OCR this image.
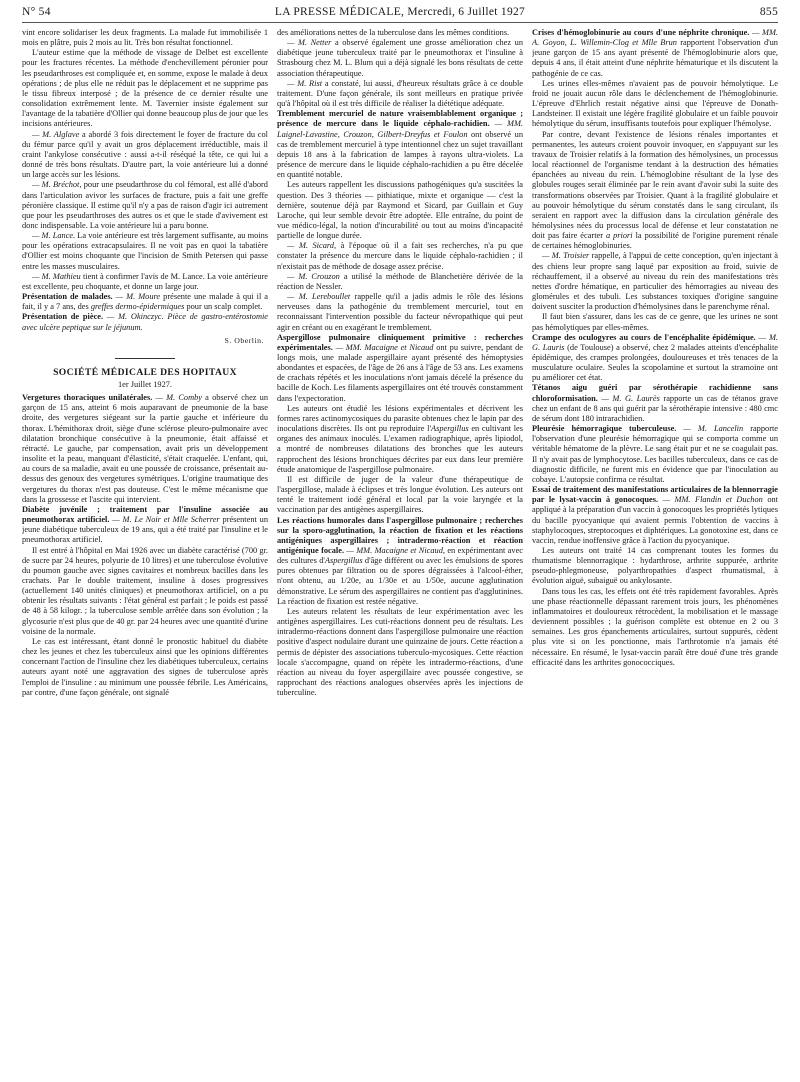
N° 54	LA PRESSE MÉDICALE, Mercredi, 6 Juillet 1927	855

vint encore solidariser les deux fragments. La malade fut immobilisée 1 mois en plâtre, puis 2 mois au lit. Très bon résultat fonctionnel.

L'auteur estime que la méthode de vissage de Delbet est excellente pour les fractures récentes. La méthode d'enchevillement péronier pour les pseudarthroses est compliquée et, en somme, expose le malade à deux opérations ; de plus elle ne réduit pas le déplacement et ne supprime pas le tissu fibreux interposé ; de la présence de ce dernier résulte une consolidation extrêmement lente. M. Tavernier insiste également sur l'avantage de la tabatière d'Ollier qui donne beaucoup plus de jour que les incisions antérieures.

— M. Alglave a abordé 3 fois directement le foyer de fracture du col du fémur parce qu'il y avait un gros déplacement irréductible, mais il craint l'ankylose consécutive : aussi a-t-il réséqué la tête, ce qui lui a donné de très bons résultats. D'autre part, la voie antérieure lui a donné un large accès sur les lésions.

— M. Bréchot, pour une pseudarthrose du col fémoral, est allé d'abord dans l'articulation avivor les surfaces de fracture, puis a fait une greffe péronière classique. Il estime qu'il n'y a pas de raison d'agir ici autrement que pour les pseudarthroses des autres os et que le stade d'avivement est donc indispensable. La voie antérieure lui a paru bonne.

— M. Lance. La voie antérieure est très largement suffisante, au moins pour les opérations extracapsulaires. Il ne voit pas en quoi la tabatière d'Ollier est moins choquante que l'incision de Smith Petersen qui passe entre les masses musculaires.

— M. Mathieu tient à confirmer l'avis de M. Lance. La voie antérieure est excellente, peu choquante, et donne un large jour.

Présentation de malades. — M. Moure présente une malade à qui il a fait, il y a 7 ans, des greffes dermo-épidermiques pour un scalp complet.

Présentation de pièce. — M. Okinczyc. Pièce de gastro-entérostomie avec ulcère peptique sur le jéjunum.

S. Oberlin.

SOCIÉTÉ MÉDICALE DES HOPITAUX
1er Juillet 1927.

Vergetures thoraciques unilatérales. — M. Comby a observé chez un garçon de 15 ans, atteint 6 mois auparavant de pneumonie de la base droite, des vergetures siégeant sur la partie gauche et inférieure du thorax. L'hémithorax droit, siège d'une sclérose pleuro-pulmonaire avec dilatation bronchique consécutive à la pneumonie, était affaissé et rétracté. Le gauche, par compensation, avait pris un développement insolite et la peau, manquant d'élasticité, s'était craquelée. L'enfant, qui, au cours de sa maladie, avait eu une poussée de croissance, présentait au-dessus des genoux des vergetures symétriques. L'origine traumatique des vergetures du thorax n'est pas douteuse. C'est le même mécanisme que dans la grossesse et l'ascite qui intervient.

Diabète juvénile ; traitement par l'insuline associée au pneumothorax artificiel. — M. Le Noir et Mlle Scherrer présentent un jeune diabétique tuberculeux de 19 ans, qui a été traité par l'insuline et le pneumothorax artificiel.

Il est entré à l'hôpital en Mai 1926 avec un diabète caractérisé (700 gr. de sucre par 24 heures, polyurie de 10 litres) et une tuberculose évolutive du poumon gauche avec signes cavitaires et nombreux bacilles dans les crachats. Par le double traitement, insuline à doses progressives (actuellement 140 unités cliniques) et pneumothorax artificiel, on a pu obtenir les résultats suivants : l'état général est parfait ; le poids est passé de 48 à 58 kilogr. ; la tuberculose semble arrêtée dans son évolution ; la glycosurie n'est plus que de 40 gr. par 24 heures avec une quantité d'urine voisine de la normale.

Le cas est intéressant, étant donné le pronostic habituel du diabète chez les jeunes et chez les tuberculeux ainsi que les opinions différentes concernant l'action de l'insuline chez les diabétiques tuberculeux, certains auteurs ayant noté une aggravation des signes de tuberculose après l'emploi de l'insuline : au minimum une poussée fébrile. Les Américains, par contre, d'une façon générale, ont signalé

des améliorations nettes de la tuberculose dans les mêmes conditions.

— M. Netter a observé également une grosse amélioration chez un diabétique jeune tuberculeux traité par le pneumothorax et l'insuline à Strasbourg chez M. L. Blum qui a déjà signalé les bons résultats de cette association thérapeutique.

— M. Rist a constaté, lui aussi, d'heureux résultats grâce à ce double traitement. D'une façon générale, ils sont meilleurs en pratique privée qu'à l'hôpital où il est très difficile de réaliser la diététique adéquate.

Tremblement mercuriel de nature vraisemblablement organique ; présence de mercure dans le liquide céphalo-rachidien. — MM. Laignel-Lavastine, Crouzon, Gilbert-Dreyfus et Foulon ont observé un cas de tremblement mercuriel à type intentionnel chez un sujet travaillant depuis 18 ans à la fabrication de lampes à rayons ultra-violets. La présence de mercure dans le liquide céphalo-rachidien a pu être décelée en quantité notable.

Les auteurs rappellent les discussions pathogéniques qu'a suscitées la question. Des 3 théories — pithiatique, mixte et organique — c'est la dernière, soutenue déjà par Raymond et Sicard, par Guillain et Guy Laroche, qui leur semble devoir être adoptée. Elle entraîne, du point de vue médico-légal, la notion d'incurabilité ou tout au moins d'incapacité partielle de longue durée.

— M. Sicard, à l'époque où il a fait ses recherches, n'a pu que constater la présence du mercure dans le liquide céphalo-rachidien ; il n'existait pas de méthode de dosage assez précise.

— M. Crouzon a utilisé la méthode de Blanchetière dérivée de la réaction de Nessler.

— M. Lereboullet rappelle qu'il a jadis admis le rôle des lésions nerveuses dans la pathogénie du tremblement mercuriel, tout en reconnaissant l'intervention possible du facteur névropathique qui peut agir en créant ou en exagérant le tremblement.

Aspergillose pulmonaire cliniquement primitive : recherches expérimentales. — MM. Macaigne et Nicaud ont pu suivre, pendant de longs mois, une malade aspergillaire ayant présenté des hémoptysies abondantes et espacées, de l'âge de 26 ans à l'âge de 53 ans. Les examens de crachats répétés et les inoculations n'ont jamais décelé la présence du bacille de Koch. Les filaments aspergillaires ont été trouvés constamment dans l'expectoration.

Les auteurs ont étudié les lésions expérimentales et décrivent les formes rares actinomycosiques du parasite obtenues chez le lapin par des inoculations discrètes. Ils ont pu reproduire l'Aspergillus en cultivant les organes des animaux inoculés. L'examen radiographique, après lipiodol, a montré de nombreuses dilatations des bronches que les auteurs rapprochent des lésions bronchiques décrites par eux dans leur première étude anatomique de l'aspergillose pulmonaire.

Il est difficile de juger de la valeur d'une thérapeutique de l'aspergillose, malade à éclipses et très longue évolution. Les auteurs ont tenté le traitement iodé général et local par la voie laryngée et la vaccination par des antigènes aspergillaires.

Les réactions humorales dans l'aspergillose pulmonaire ; recherches sur la sporo-agglutination, la réaction de fixation et les réactions antigéniques aspergillaires ; intradermo-réaction et réaction antigénique focale. — MM. Macaigne et Nicaud, en expérimentant avec des cultures d'Aspergillus d'âge différent ou avec les émulsions de spores pures obtenues par filtration ou de spores dégraissées à l'alcool-éther, n'ont obtenu, au 1/20e, au 1/30e et au 1/50e, aucune agglutination démonstrative. Le sérum des aspergillaires ne contient pas d'agglutinines. La réaction de fixation est restée négative.

Les auteurs relatent les résultats de leur expérimentation avec les antigènes aspergillaires. Les cuti-réactions donnent peu de résultats. Les intradermo-réactions donnent dans l'aspergillose pulmonaire une réaction positive d'aspect nodulaire durant une quinzaine de jours. Cette réaction a permis de dépister des associations tuberculo-mycosiques. Cette réaction locale s'accompagne, quand on répète les intradermo-réactions, d'une réaction au niveau du foyer aspergillaire avec poussée congestive, se rapprochant des réactions analogues observées après les injections de tuberculine.

Crises d'hémoglobinurie au cours d'une néphrite chronique. — MM. A. Goyon, L. Willemin-Clog et Mlle Brun rapportent l'observation d'un jeune garçon de 15 ans ayant présenté de l'hémoglobinurie alors que, depuis 4 ans, il était atteint d'une néphrite hématurique et ils discutent la pathogénie de ce cas.

Les urines elles-mêmes n'avaient pas de pouvoir hémolytique. Le froid ne jouait aucun rôle dans le déclenchement de l'hémoglobinurie. L'épreuve d'Ehrlich restait négative ainsi que l'épreuve de Donath-Landsteiner. Il existait une légère fragilité globulaire et un faible pouvoir hémolytique du sérum, insuffisants toutefois pour expliquer l'hémolyse.

Par contre, devant l'existence de lésions rénales importantes et permanentes, les auteurs croient pouvoir invoquer, en s'appuyant sur les travaux de Troisier relatifs à la formation des hémolysines, un processus local réactionnel de l'organisme tendant à la destruction des hématies épanchées au niveau du rein. L'hémoglobine résultant de la lyse des globules rouges serait éliminée par le rein avant d'avoir subi la suite des transformations observées par Troisier. Quant à la fragilité globulaire et au pouvoir hémolytique du sérum constatés dans le sang circulant, ils seraient en rapport avec la diffusion dans la circulation générale des hémolysines nées du processus local de défense et leur constatation ne doit pas faire écarter a priori la possibilité de l'origine purement rénale de certaines hémoglobinuries.

— M. Troisier rappelle, à l'appui de cette conception, qu'en injectant à des chiens leur propre sang laqué par exposition au froid, suivie de réchauffement, il a observé au niveau du rein des manifestations très nettes d'ordre hématique, en particulier des hémorragies au niveau des glomérules et des tubuli. Les substances toxiques d'origine sanguine doivent susciter la production d'hémolysines dans le parenchyme rénal.

Il faut bien s'assurer, dans les cas de ce genre, que les urines ne sont pas hémolytiques par elles-mêmes.

Crampe des oculogyres au cours de l'encéphalite épidémique. — M. G. Lauris (de Toulouse) a observé, chez 2 malades atteints d'encéphalite épidémique, des crampes prolongées, douloureuses et très tenaces de la musculature oculaire. Seules la scopolamine et surtout la stramoine ont pu améliorer cet état.

Tétanos aigu guéri par sérothérapie rachidienne sans chloroformisation. — M. G. Laurès rapporte un cas de tétanos grave chez un enfant de 8 ans qui guérit par la sérothérapie intensive : 480 cmc de sérum dont 180 intrarachidien.

Pleurésie hémorragique tuberculeuse. — M. Lancelin rapporte l'observation d'une pleurésie hémorragique qui se comporta comme un véritable hématome de la plèvre. Le sang était pur et ne se coagulait pas. Il n'y avait pas de lymphocytose. Les bacilles tuberculeux, dans ce cas de diagnostic difficile, ne furent mis en évidence que par l'inoculation au cobaye. L'autopsie confirma ce résultat.

Essai de traitement des manifestations articulaires de la blennorragie par le lysat-vaccin à gonocoques. — MM. Flandin et Duchon ont appliqué à la préparation d'un vaccin à gonocoques les propriétés lytiques du bacille pyocyanique qui avaient permis l'obtention de vaccins à staphylocoques, streptocoques et diphtériques. La gonotoxine est, dans ce vaccin, rendue inoffensive grâce à l'action du pyocyanique.

Les auteurs ont traité 14 cas comprenant toutes les formes du rhumatisme blennorragique : hydarthrose, arthrite suppurée, arthrite pseudo-phlegmoneuse, polyarthropathies d'aspect rhumatismal, à évolution aiguë, subaiguë ou ankylosante.

Dans tous les cas, les effets ont été très rapidement favorables. Après une phase réactionnelle dépassant rarement trois jours, les phénomènes inflammatoires et douloureux rétrocèdent, la mobilisation et le massage deviennent possibles ; la guérison complète est obtenue en 2 ou 3 semaines. Les gros épanchements articulaires, surtout suppurés, cèdent plus vite si on les ponctionne, mais l'arthrotomie n'a jamais été nécessaire. En résumé, le lysat-vaccin paraît être doué d'une très grande efficacité dans les arthrites gonococciques.
